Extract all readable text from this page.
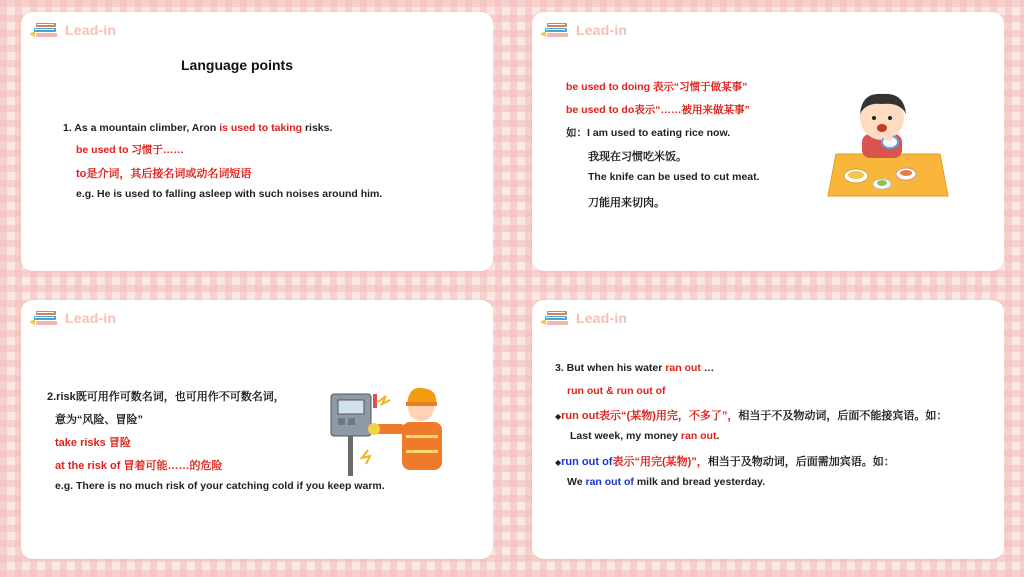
Lead-in
Language points
1. As a mountain climber, Aron is used to taking risks.
be used to 习惯于……
to是介词，其后接名词或动名词短语
e.g. He is used to falling asleep with such noises around him.
Lead-in
be used to doing 表示“习惯于做某事”
be used to do表示“……被用来做某事”
如：I am used to eating rice now.
我现在习惯吃米饭。
The knife can be used to cut meat.
刀能用来切肉。
Lead-in
2.risk既可用作可数名词，也可用作不可数名词，
意为“风险、冒险”
take risks 冒险
at the risk of 冒着可能……的危险
e.g. There is no much risk of your catching cold if you keep warm.
Lead-in
3. But when his water ran out …
run out & run out of
◆run out表示“(某物)用完，不多了”，相当于不及物动词，后面不能接宾语。如：
Last week, my money ran out.
◆run out of表示“用完(某物)”，相当于及物动词，后面需加宾语。如：
We ran out of milk and bread yesterday.
